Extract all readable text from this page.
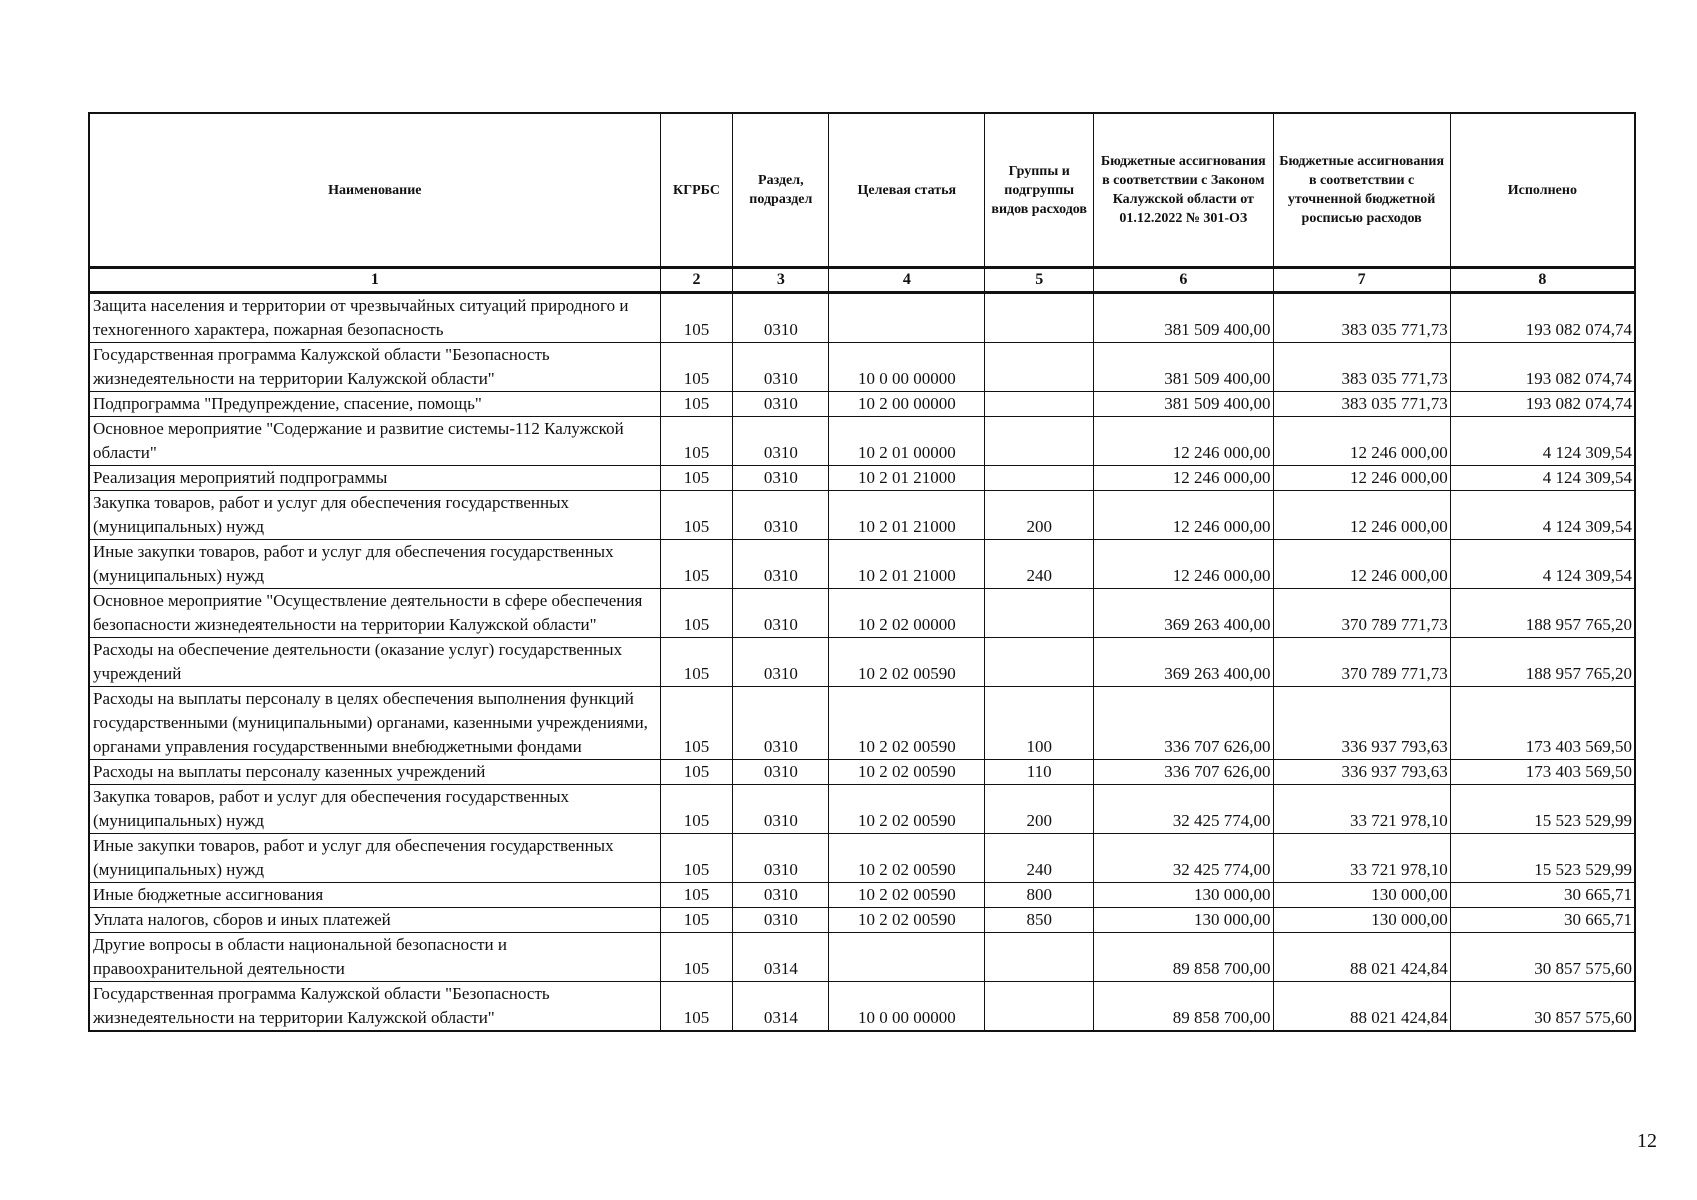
Наименование	КГРБС	Раздел, подраздел	Целевая статья	Группы и подгруппы видов расходов	Бюджетные ассигнования в соответствии с Законом Калужской области от 01.12.2022 № 301-ОЗ	Бюджетные ассигнования в соответствии с уточненной бюджетной росписью расходов	Исполнено
1	2	3	4	5	6	7	8
Защита населения и территории от чрезвычайных ситуаций природного и техногенного характера, пожарная безопасность	105	0310			381 509 400,00	383 035 771,73	193 082 074,74
Государственная программа Калужской области "Безопасность жизнедеятельности на территории Калужской области"	105	0310	10 0 00 00000		381 509 400,00	383 035 771,73	193 082 074,74
Подпрограмма "Предупреждение, спасение, помощь"	105	0310	10 2 00 00000		381 509 400,00	383 035 771,73	193 082 074,74
Основное мероприятие "Содержание и развитие системы-112 Калужской области"	105	0310	10 2 01 00000		12 246 000,00	12 246 000,00	4 124 309,54
Реализация мероприятий подпрограммы	105	0310	10 2 01 21000		12 246 000,00	12 246 000,00	4 124 309,54
Закупка товаров, работ и услуг для обеспечения государственных (муниципальных) нужд	105	0310	10 2 01 21000	200	12 246 000,00	12 246 000,00	4 124 309,54
Иные закупки товаров, работ и услуг для обеспечения государственных (муниципальных) нужд	105	0310	10 2 01 21000	240	12 246 000,00	12 246 000,00	4 124 309,54
Основное мероприятие "Осуществление деятельности в сфере обеспечения безопасности жизнедеятельности на территории Калужской области"	105	0310	10 2 02 00000		369 263 400,00	370 789 771,73	188 957 765,20
Расходы на обеспечение деятельности (оказание услуг) государственных учреждений	105	0310	10 2 02 00590		369 263 400,00	370 789 771,73	188 957 765,20
Расходы на выплаты персоналу в целях обеспечения выполнения функций государственными (муниципальными) органами, казенными учреждениями, органами управления государственными внебюджетными фондами	105	0310	10 2 02 00590	100	336 707 626,00	336 937 793,63	173 403 569,50
Расходы на выплаты персоналу казенных учреждений	105	0310	10 2 02 00590	110	336 707 626,00	336 937 793,63	173 403 569,50
Закупка товаров, работ и услуг для обеспечения государственных (муниципальных) нужд	105	0310	10 2 02 00590	200	32 425 774,00	33 721 978,10	15 523 529,99
Иные закупки товаров, работ и услуг для обеспечения государственных (муниципальных) нужд	105	0310	10 2 02 00590	240	32 425 774,00	33 721 978,10	15 523 529,99
Иные бюджетные ассигнования	105	0310	10 2 02 00590	800	130 000,00	130 000,00	30 665,71
Уплата налогов, сборов и иных платежей	105	0310	10 2 02 00590	850	130 000,00	130 000,00	30 665,71
Другие вопросы в области национальной безопасности и правоохранительной деятельности	105	0314			89 858 700,00	88 021 424,84	30 857 575,60
Государственная программа Калужской области "Безопасность жизнедеятельности на территории Калужской области"	105	0314	10 0 00 00000		89 858 700,00	88 021 424,84	30 857 575,60
12
